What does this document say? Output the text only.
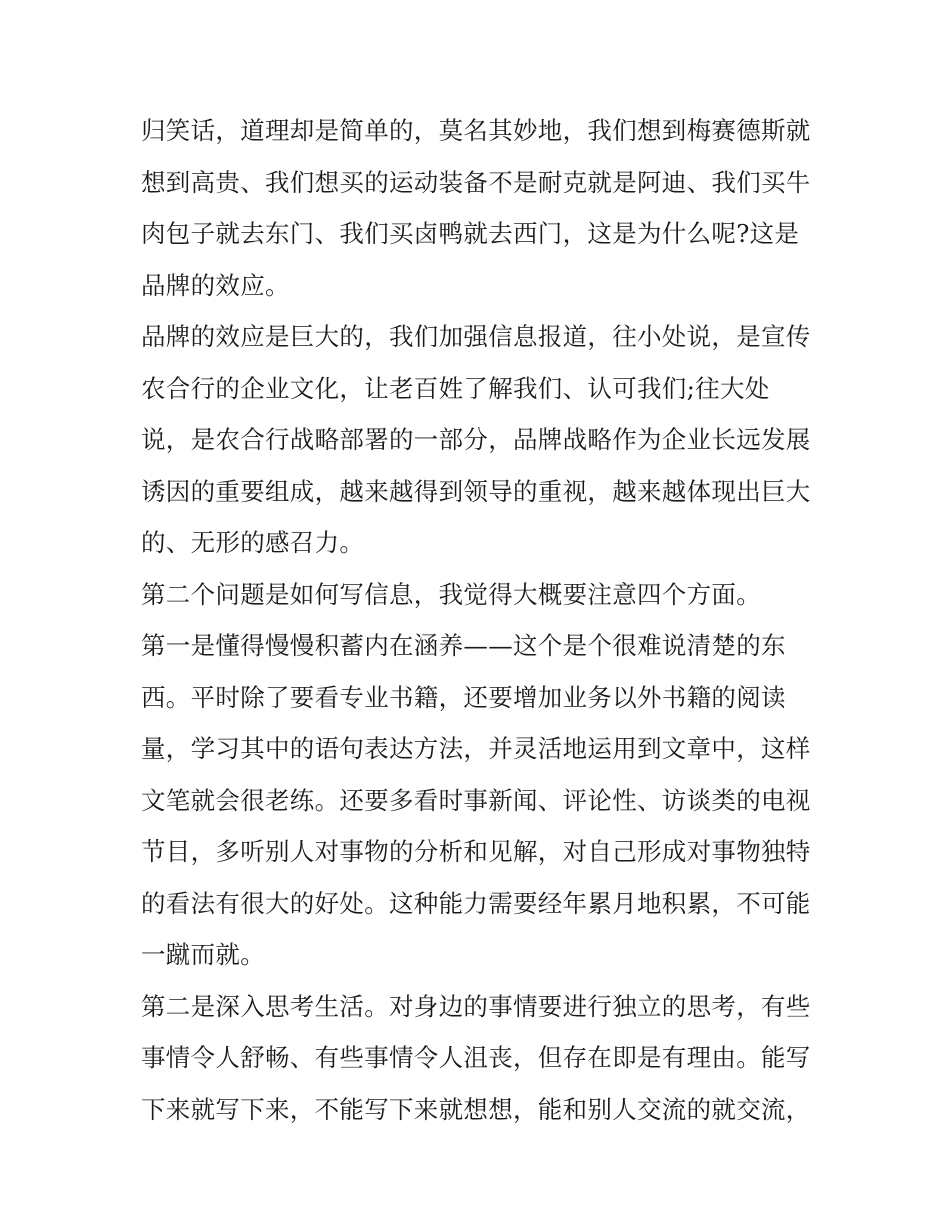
归笑话，道理却是简单的，莫名其妙地，我们想到梅赛德斯就
想到高贵、我们想买的运动装备不是耐克就是阿迪、我们买牛
肉包子就去东门、我们买卤鸭就去西门，这是为什么呢?这是
品牌的效应。
品牌的效应是巨大的，我们加强信息报道，往小处说，是宣传
农合行的企业文化，让老百姓了解我们、认可我们;往大处
说，是农合行战略部署的一部分，品牌战略作为企业长远发展
诱因的重要组成，越来越得到领导的重视，越来越体现出巨大
的、无形的感召力。
第二个问题是如何写信息，我觉得大概要注意四个方面。
第一是懂得慢慢积蓄内在涵养——这个是个很难说清楚的东
西。平时除了要看专业书籍，还要增加业务以外书籍的阅读
量，学习其中的语句表达方法，并灵活地运用到文章中，这样
文笔就会很老练。还要多看时事新闻、评论性、访谈类的电视
节目，多听别人对事物的分析和见解，对自己形成对事物独特
的看法有很大的好处。这种能力需要经年累月地积累，不可能
一蹴而就。
第二是深入思考生活。对身边的事情要进行独立的思考，有些
事情令人舒畅、有些事情令人沮丧，但存在即是有理由。能写
下来就写下来，不能写下来就想想，能和别人交流的就交流，
